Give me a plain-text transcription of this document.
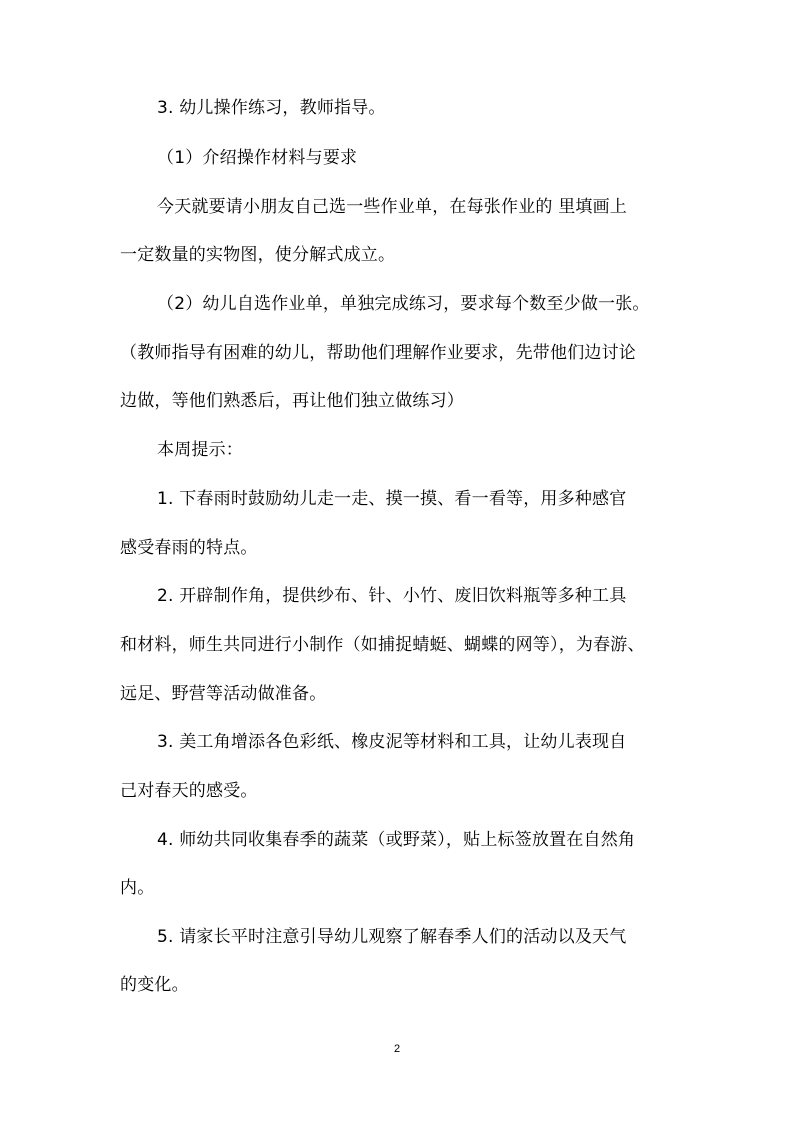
3. 幼儿操作练习，教师指导。
（1）介绍操作材料与要求
今天就要请小朋友自己选一些作业单，在每张作业的 里填画上
一定数量的实物图，使分解式成立。
（2）幼儿自选作业单，单独完成练习，要求每个数至少做一张。
（教师指导有困难的幼儿，帮助他们理解作业要求，先带他们边讨论
边做，等他们熟悉后，再让他们独立做练习）
本周提示：
1. 下春雨时鼓励幼儿走一走、摸一摸、看一看等，用多种感官
感受春雨的特点。
2. 开辟制作角，提供纱布、针、小竹、废旧饮料瓶等多种工具
和材料，师生共同进行小制作（如捕捉蜻蜓、蝴蝶的网等），为春游、
远足、野营等活动做准备。
3. 美工角增添各色彩纸、橡皮泥等材料和工具，让幼儿表现自
己对春天的感受。
4. 师幼共同收集春季的蔬菜（或野菜），贴上标签放置在自然角
内。
5. 请家长平时注意引导幼儿观察了解春季人们的活动以及天气
的变化。
2
